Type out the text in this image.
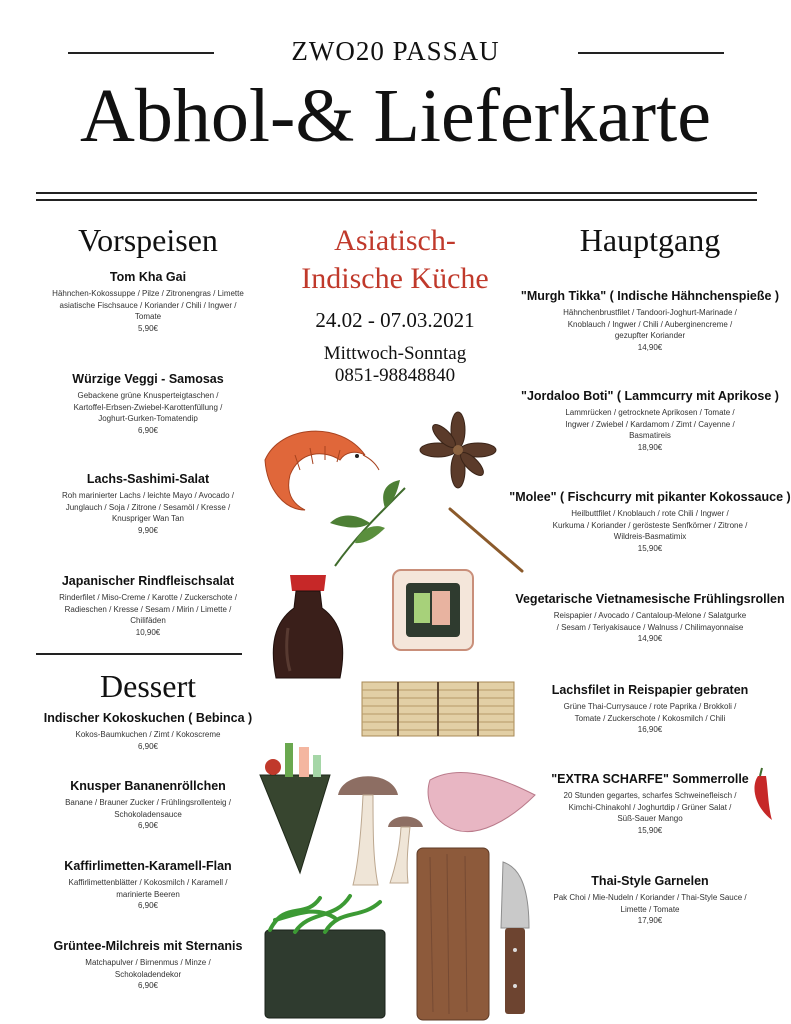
ZWO20 PASSAU
Abhol-& Lieferkarte
Vorspeisen
Tom Kha Gai
Hähnchen-Kokossuppe / Pilze / Zitronengras / Limette
asiatische Fischsauce / Koriander / Chili / Ingwer /
Tomate
5,90€
Würzige Veggi - Samosas
Gebackene grüne Knusperteigtaschen /
Kartoffel-Erbsen-Zwiebel-Karottenfüllung /
Joghurt-Gurken-Tomatendip
6,90€
Lachs-Sashimi-Salat
Roh marinierter Lachs / leichte Mayo / Avocado /
Junglauch / Soja / Zitrone / Sesamöl / Kresse /
Knuspriger Wan Tan
9,90€
Japanischer Rindfleischsalat
Rinderfilet / Miso-Creme / Karotte / Zuckerschote /
Radieschen / Kresse / Sesam / Mirin / Limette /
Chilifäden
10,90€
Dessert
Indischer Kokoskuchen ( Bebinca )
Kokos-Baumkuchen / Zimt / Kokoscreme
6,90€
Knusper Bananenröllchen
Banane / Brauner Zucker / Frühlingsrollenteig /
Schokoladensauce
6,90€
Kaffirlimetten-Karamell-Flan
Kaffirlimettenblätter / Kokosmilch / Karamell /
marinierte Beeren
6,90€
Grüntee-Milchreis mit Sternanis
Matchapulver / Birnenmus / Minze /
Schokoladendekor
6,90€
Asiatisch-
Indische Küche
24.02 - 07.03.2021
Mittwoch-Sonntag
0851-98848840
Hauptgang
"Murgh Tikka" ( Indische Hähnchenspieße )
Hähnchenbrustfilet / Tandoori-Joghurt-Marinade /
Knoblauch / Ingwer / Chili / Auberginencreme /
gezupfter Koriander
14,90€
"Jordaloo Boti" ( Lammcurry mit Aprikose )
Lammrücken / getrocknete Aprikosen / Tomate /
Ingwer / Zwiebel / Kardamom / Zimt / Cayenne /
Basmatireis
18,90€
"Molee" ( Fischcurry mit pikanter Kokossauce )
Heilbuttfilet / Knoblauch / rote Chili / Ingwer /
Kurkuma / Koriander / gerösteste Senfkörner / Zitrone /
Wildreis-Basmatimix
15,90€
Vegetarische Vietnamesische Frühlingsrollen
Reispapier / Avocado / Cantaloup-Melone / Salatgurke
/ Sesam / Teriyakisauce / Walnuss / Chilimayonnaise
14,90€
Lachsfilet in Reispapier gebraten
Grüne Thai-Currysauce / rote Paprika / Brokkoli /
Tomate / Zuckerschote / Kokosmilch / Chili
16,90€
"EXTRA SCHARFE" Sommerrolle
20 Stunden gegartes, scharfes Schweinefleisch /
Kimchi-Chinakohl / Joghurtdip / Grüner Salat /
Süß-Sauer Mango
15,90€
Thai-Style Garnelen
Pak Choi / Mie-Nudeln / Koriander / Thai-Style Sauce /
Limette / Tomate
17,90€
